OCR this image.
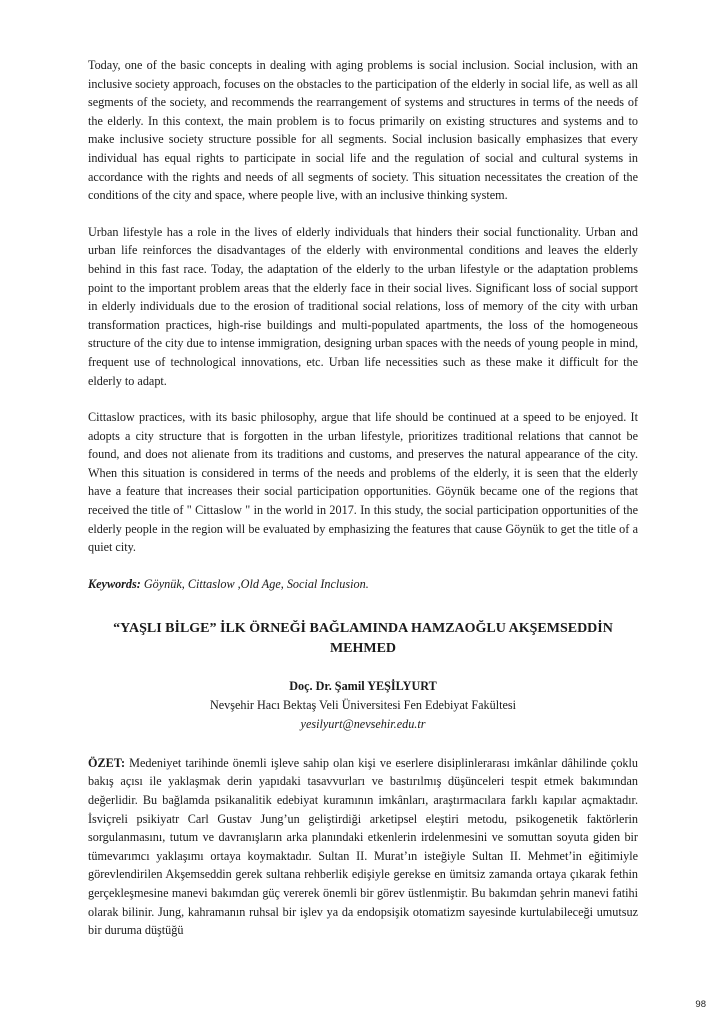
Today, one of the basic concepts in dealing with aging problems is social inclusion. Social inclusion, with an inclusive society approach, focuses on the obstacles to the participation of the elderly in social life, as well as all segments of the society, and recommends the rearrangement of systems and structures in terms of the needs of the elderly. In this context, the main problem is to focus primarily on existing structures and systems and to make inclusive society structure possible for all segments. Social inclusion basically emphasizes that every individual has equal rights to participate in social life and the regulation of social and cultural systems in accordance with the rights and needs of all segments of society. This situation necessitates the creation of the conditions of the city and space, where people live, with an inclusive thinking system.

Urban lifestyle has a role in the lives of elderly individuals that hinders their social functionality. Urban and urban life reinforces the disadvantages of the elderly with environmental conditions and leaves the elderly behind in this fast race. Today, the adaptation of the elderly to the urban lifestyle or the adaptation problems point to the important problem areas that the elderly face in their social lives. Significant loss of social support in elderly individuals due to the erosion of traditional social relations, loss of memory of the city with urban transformation practices, high-rise buildings and multi-populated apartments, the loss of the homogeneous structure of the city due to intense immigration, designing urban spaces with the needs of young people in mind, frequent use of technological innovations, etc. Urban life necessities such as these make it difficult for the elderly to adapt.

Cittaslow practices, with its basic philosophy, argue that life should be continued at a speed to be enjoyed. It adopts a city structure that is forgotten in the urban lifestyle, prioritizes traditional relations that cannot be found, and does not alienate from its traditions and customs, and preserves the natural appearance of the city. When this situation is considered in terms of the needs and problems of the elderly, it is seen that the elderly have a feature that increases their social participation opportunities. Göynük became one of the regions that received the title of " Cittaslow " in the world in 2017. In this study, the social participation opportunities of the elderly people in the region will be evaluated by emphasizing the features that cause Göynük to get the title of a quiet city.

Keywords: Göynük, Cittaslow ,Old Age, Social Inclusion.

“YAŞLI BİLGE” İLK ÖRNEĞİ BAĞLAMINDA HAMZAOĞLU AKŞEMSEDDİN
MEHMED
Doç. Dr. Şamil YEŞİLYURT
Nevşehir Hacı Bektaş Veli Üniversitesi Fen Edebiyat Fakültesi
yesilyurt@nevsehir.edu.tr

ÖZET: Medeniyet tarihinde önemli işleve sahip olan kişi ve eserlere disiplinlerarası imkânlar dâhilinde çoklu bakış açısı ile yaklaşmak derin yapıdaki tasavvurları ve bastırılmış düşünceleri tespit etmek bakımından değerlidir. Bu bağlamda psikanalitik edebiyat kuramının imkânları, araştırmacılara farklı kapılar açmaktadır. İsviçreli psikiyatr Carl Gustav Jung’un geliştirdiği arketipsel eleştiri metodu, psikogenetik faktörlerin sorgulanmasını, tutum ve davranışların arka planındaki etkenlerin irdelenmesini ve somuttan soyuta giden bir tümevarımcı yaklaşımı ortaya koymaktadır. Sultan II. Murat’ın isteğiyle Sultan II. Mehmet’in eğitimiyle görevlendirilen Akşemseddin gerek sultana rehberlik edişiyle gerekse en ümitsiz zamanda ortaya çıkarak fethin gerçekleşmesine manevi bakımdan güç vererek önemli bir görev üstlenmiştir. Bu bakımdan şehrin manevi fatihi olarak bilinir. Jung, kahramanın ruhsal bir işlev ya da endopsişik otomatizm sayesinde kurtulabileceği umutsuz bir duruma düştüğü

98
